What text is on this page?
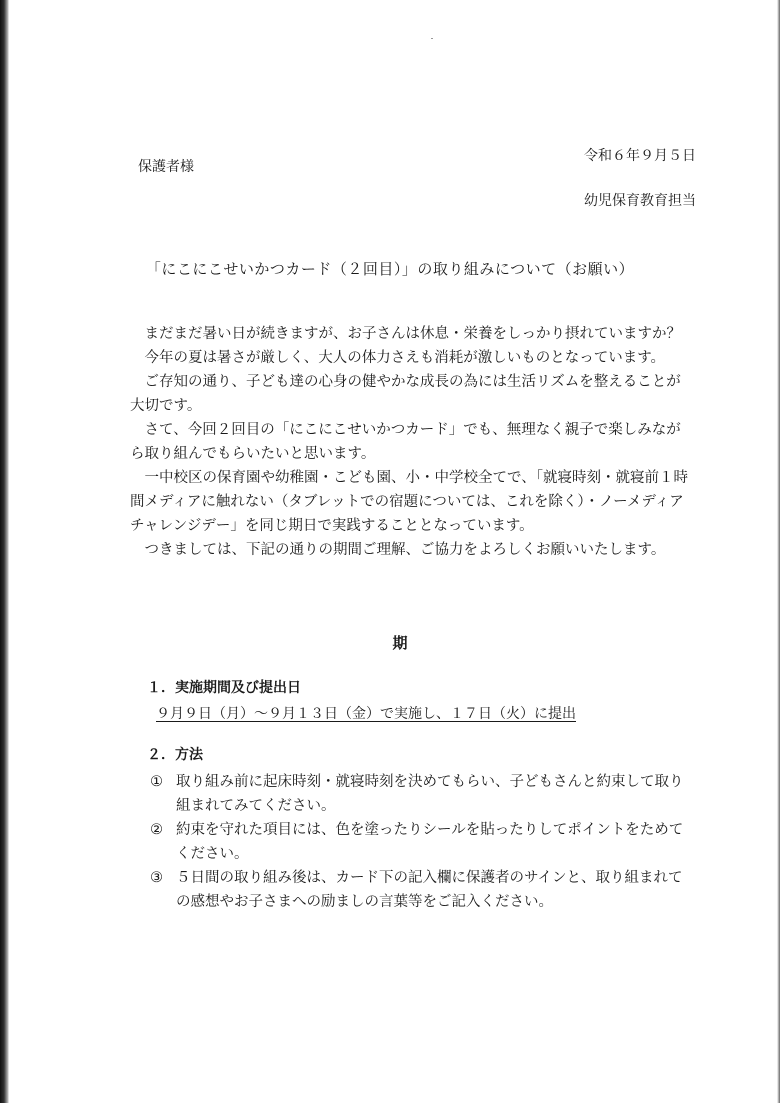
令和６年９月５日
保護者様
幼児保育教育担当
「にこにこせいかつカード（２回目）」の取り組みについて（お願い）

まだまだ暑い日が続きますが、お子さんは休息・栄養をしっかり摂れていますか？

今年の夏は暑さが厳しく、大人の体力さえも消耗が激しいものとなっています。

ご存知の通り、子ども達の心身の健やかな成長の為には生活リズムを整えることが大切です。

さて、今回２回目の「にこにこせいかつカード」でも、無理なく親子で楽しみながら取り組んでもらいたいと思います。

一中校区の保育園や幼稚園・こども園、小・中学校全てで、「就寝時刻・就寝前１時間メディアに触れない（タブレットでの宿題については、これを除く）・ノーメディアチャレンジデー」を同じ期日で実践することとなっています。

つきましては、下記の通りの期間ご理解、ご協力をよろしくお願いいたします。

期
１．実施期間及び提出日
９月９日（月）～９月１３日（金）で実施し、１７日（火）に提出
２．方法
① 取り組み前に起床時刻・就寝時刻を決めてもらい、子どもさんと約束して取り組まれてみてください。
② 約束を守れた項目には、色を塗ったりシールを貼ったりしてポイントをためてください。
③ ５日間の取り組み後は、カード下の記入欄に保護者のサインと、取り組まれての感想やお子さまへの励ましの言葉等をご記入ください。
